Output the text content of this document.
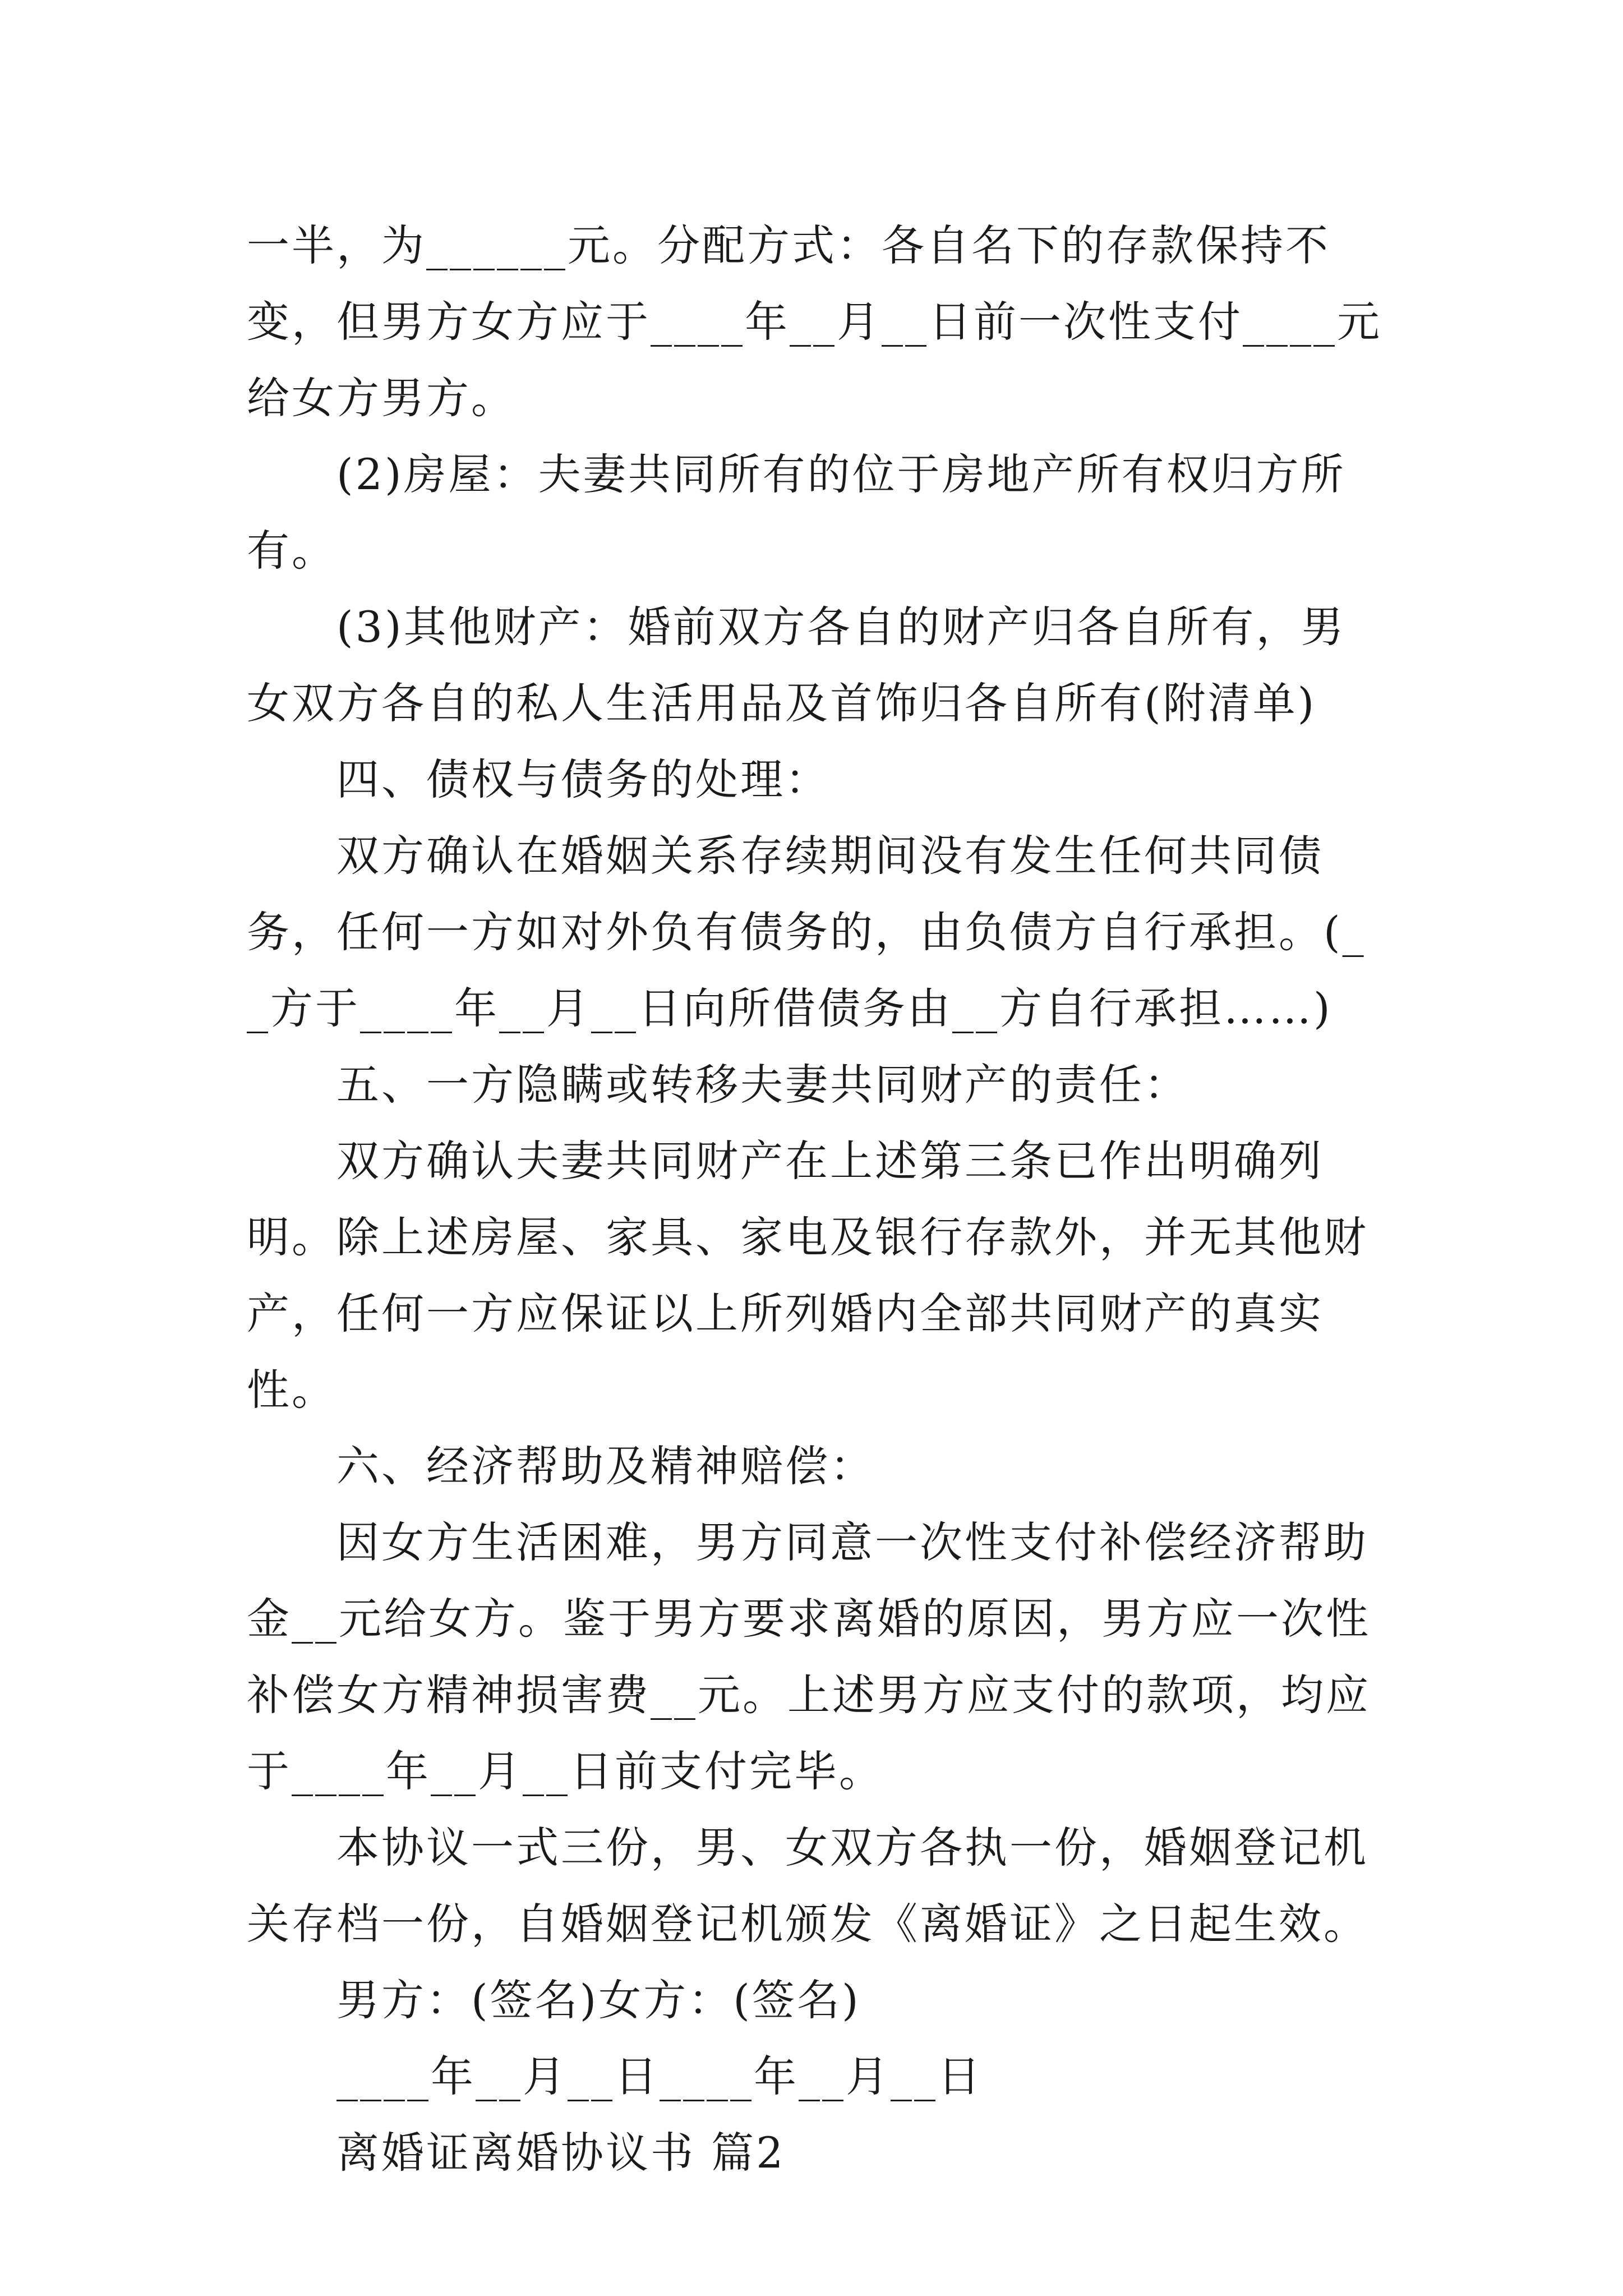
一半，为______元。分配方式：各自名下的存款保持不变，但男方女方应于____年__月__日前一次性支付____元给女方男方。

(2)房屋：夫妻共同所有的位于房地产所有权归方所有。

(3)其他财产：婚前双方各自的财产归各自所有，男女双方各自的私人生活用品及首饰归各自所有(附清单)

四、债权与债务的处理：

双方确认在婚姻关系存续期间没有发生任何共同债务，任何一方如对外负有债务的，由负债方自行承担。(__方于____年__月__日向所借债务由__方自行承担……)

五、一方隐瞒或转移夫妻共同财产的责任：

双方确认夫妻共同财产在上述第三条已作出明确列明。除上述房屋、家具、家电及银行存款外，并无其他财产，任何一方应保证以上所列婚内全部共同财产的真实性。

六、经济帮助及精神赔偿：

因女方生活困难，男方同意一次性支付补偿经济帮助金__元给女方。鉴于男方要求离婚的原因，男方应一次性补偿女方精神损害费__元。上述男方应支付的款项，均应于____年__月__日前支付完毕。

本协议一式三份，男、女双方各执一份，婚姻登记机关存档一份，自婚姻登记机颁发《离婚证》之日起生效。

男方：(签名)女方：(签名)

____年__月__日____年__月__日

离婚证离婚协议书 篇2
